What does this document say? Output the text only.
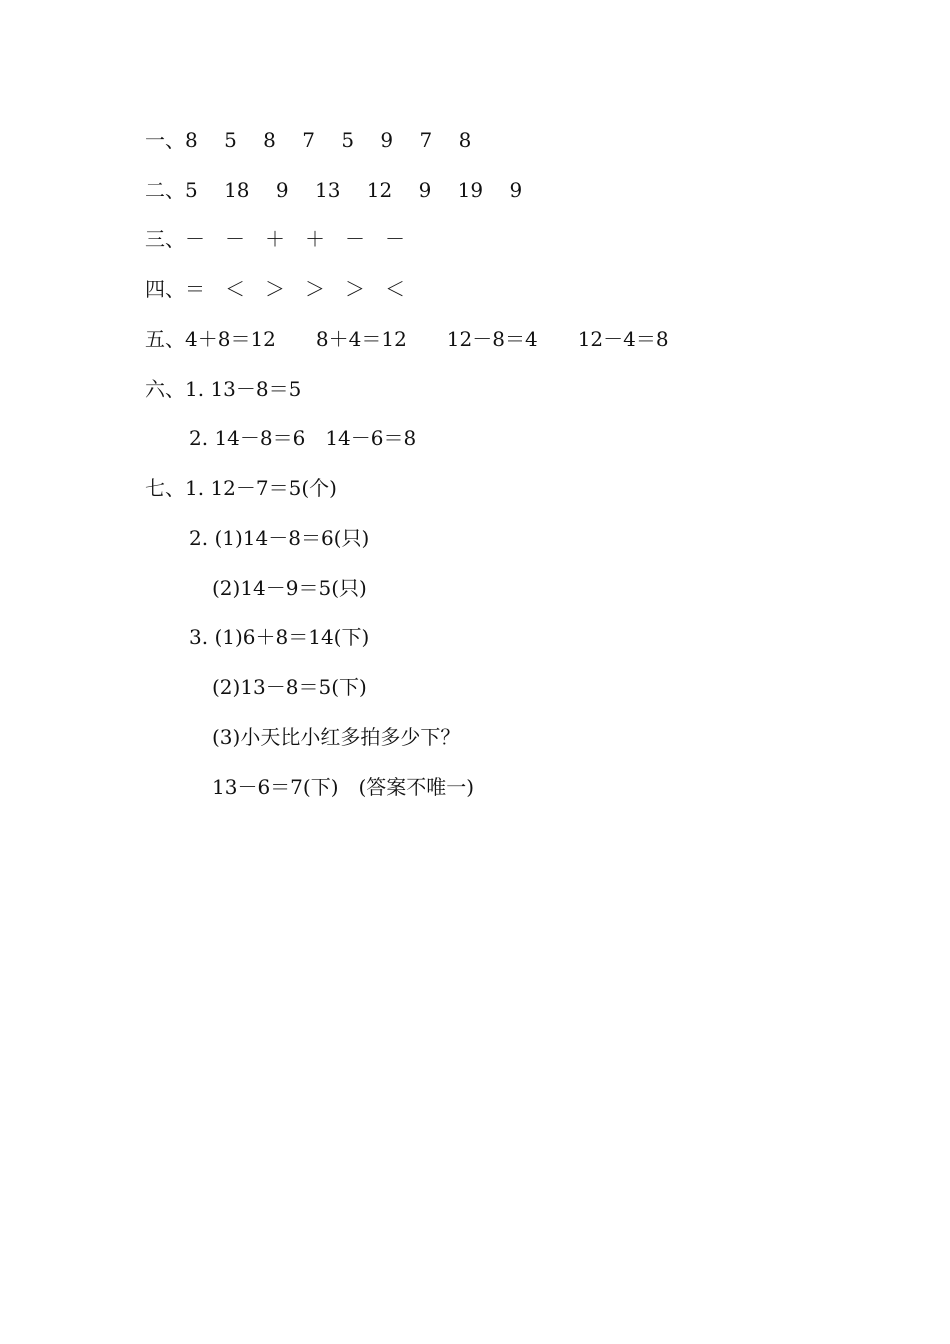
一、8　 5　 8　 7　 5　 9　 7　 8

二、5　 18　 9　 13　 12　 9　 19　 9

三、－　－　＋　＋　－　－

四、＝　＜　＞　＞　＞　＜

五、4＋8＝12　　8＋4＝12　　12－8＝4　　12－4＝8

六、1. 13－8＝5

2. 14－8＝6　14－6＝8

七、1. 12－7＝5(个)

2. (1)14－8＝6(只)

(2)14－9＝5(只)

3. (1)6＋8＝14(下)

(2)13－8＝5(下)

(3)小天比小红多拍多少下？

13－6＝7(下)　(答案不唯一)
